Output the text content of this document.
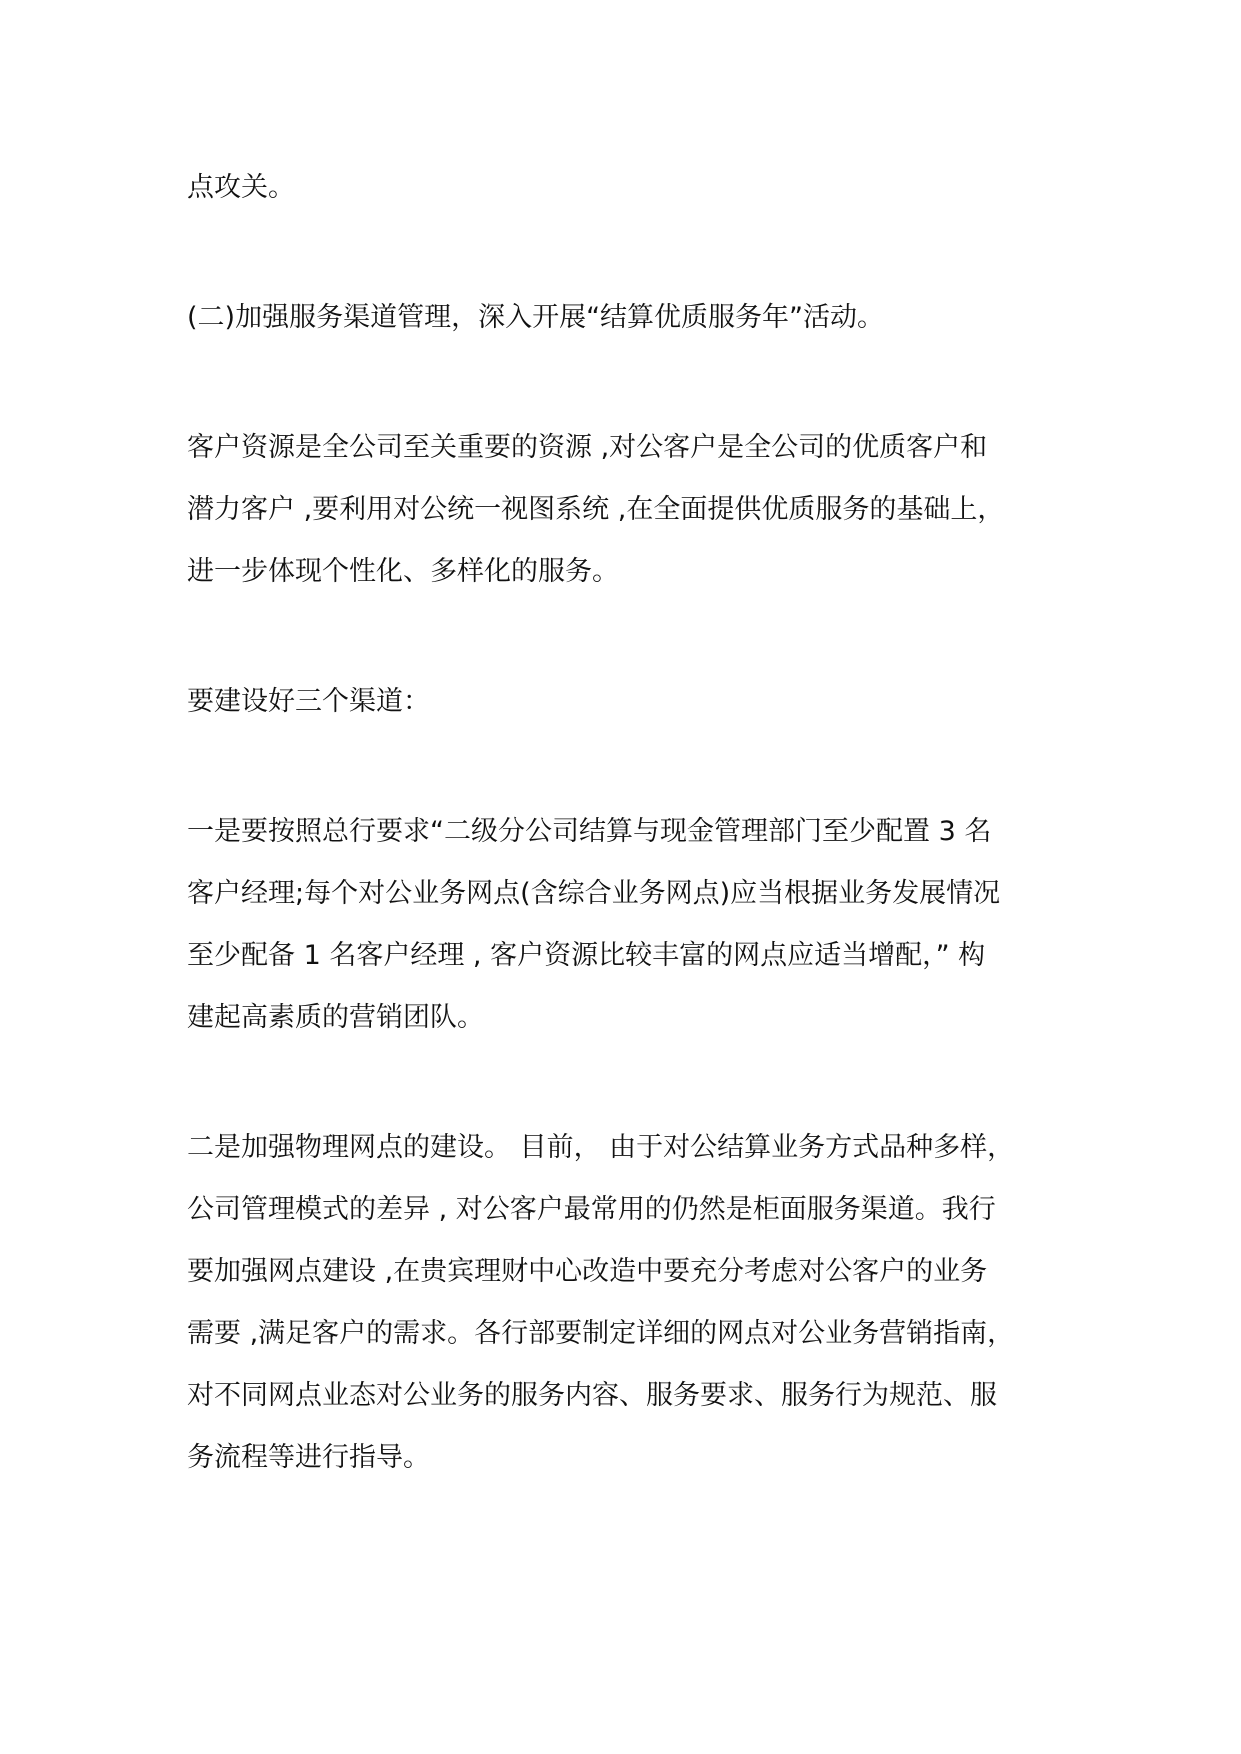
点攻关。

(二)加强服务渠道管理，深入开展“结算优质服务年”活动。

客户资源是全公司至关重要的资源 ,对公客户是全公司的优质客户和
潜力客户 ,要利用对公统一视图系统 ,在全面提供优质服务的基础上，
进一步体现个性化、多样化的服务。

要建设好三个渠道：

一是要按照总行要求“二级分公司结算与现金管理部门至少配置 3 名
客户经理;每个对公业务网点(含综合业务网点)应当根据业务发展情况
至少配备 1 名客户经理 , 客户资源比较丰富的网点应适当增配，” 构
建起高素质的营销团队。

二是加强物理网点的建设。 目前， 由于对公结算业务方式品种多样，
公司管理模式的差异 , 对公客户最常用的仍然是柜面服务渠道。我行
要加强网点建设 ,在贵宾理财中心改造中要充分考虑对公客户的业务
需要 ,满足客户的需求。各行部要制定详细的网点对公业务营销指南，
对不同网点业态对公业务的服务内容、服务要求、服务行为规范、服
务流程等进行指导。
